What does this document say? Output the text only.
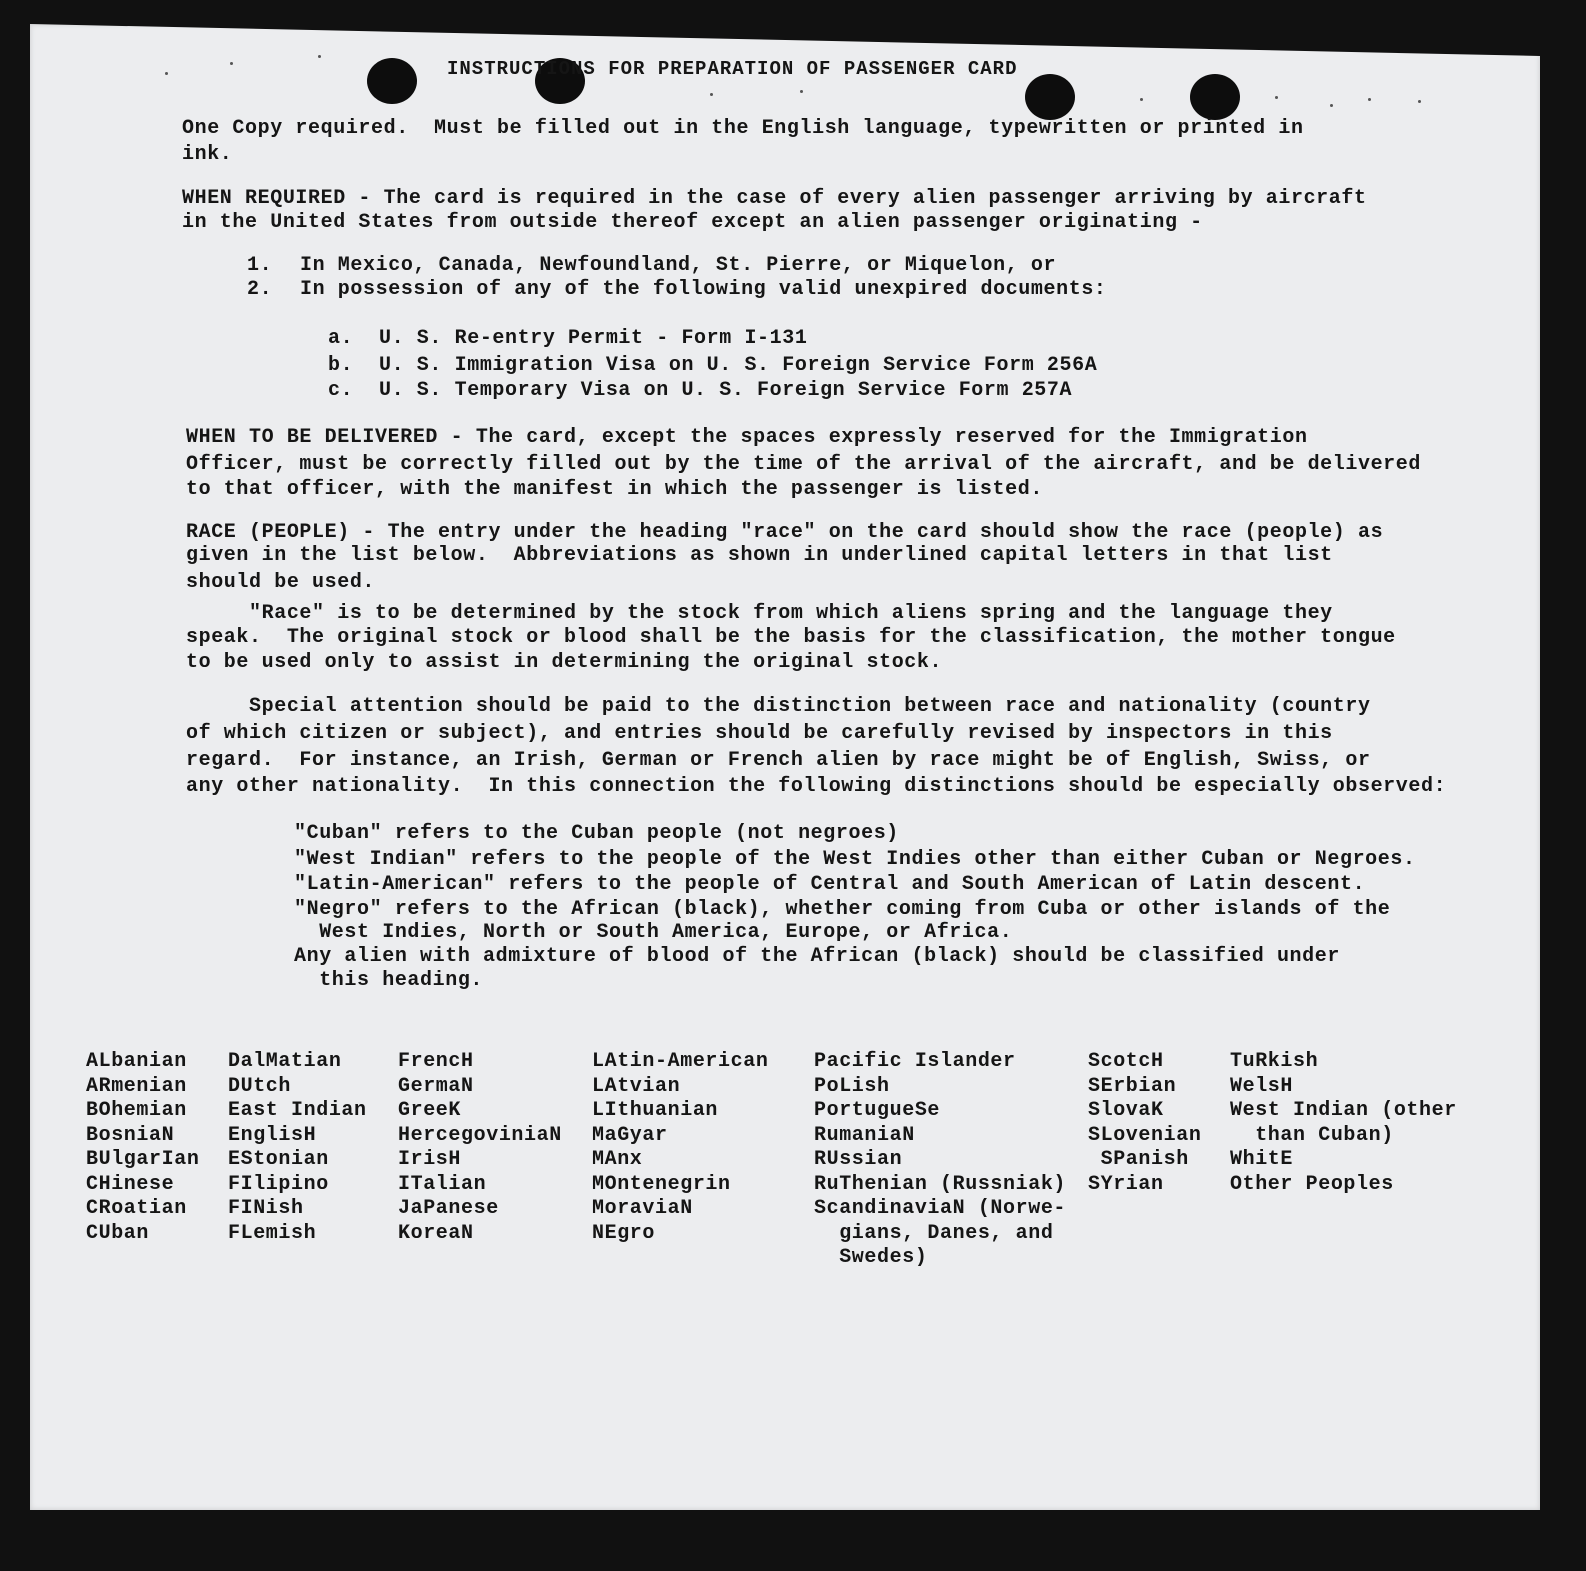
INSTRUCTIONS FOR PREPARATION OF PASSENGER CARD
One Copy required.  Must be filled out in the English language, typewritten or printed in
ink.
WHEN REQUIRED - The card is required in the case of every alien passenger arriving by aircraft
in the United States from outside thereof except an alien passenger originating -
1. In Mexico, Canada, Newfoundland, St. Pierre, or Miquelon, or
2. In possession of any of the following valid unexpired documents:
a. U. S. Re-entry Permit - Form I-131
b. U. S. Immigration Visa on U. S. Foreign Service Form 256A
c. U. S. Temporary Visa on U. S. Foreign Service Form 257A
WHEN TO BE DELIVERED - The card, except the spaces expressly reserved for the Immigration
Officer, must be correctly filled out by the time of the arrival of the aircraft, and be delivered
to that officer, with the manifest in which the passenger is listed.
RACE (PEOPLE) - The entry under the heading "race" on the card should show the race (people) as
given in the list below.  Abbreviations as shown in underlined capital letters in that list
should be used.
"Race" is to be determined by the stock from which aliens spring and the language they
speak.  The original stock or blood shall be the basis for the classification, the mother tongue
to be used only to assist in determining the original stock.
Special attention should be paid to the distinction between race and nationality (country
of which citizen or subject), and entries should be carefully revised by inspectors in this
regard.  For instance, an Irish, German or French alien by race might be of English, Swiss, or
any other nationality.  In this connection the following distinctions should be especially observed:
"Cuban" refers to the Cuban people (not negroes)
"West Indian" refers to the people of the West Indies other than either Cuban or Negroes.
"Latin-American" refers to the people of Central and South American of Latin descent.
"Negro" refers to the African (black), whether coming from Cuba or other islands of the
West Indies, North or South America, Europe, or Africa.
Any alien with admixture of blood of the African (black) should be classified under
this heading.
ALbanian
ARmenian
BOhemian
BosniaN
BUlgarIan
CHinese
CRoatian
CUban
DalMatian
DUtch
East Indian
EnglisH
EStonian
FIlipino
FINish
FLemish
FrencH
GermaN
GreeK
HercegoviniaN
IrisH
ITalian
JaPanese
KoreaN
LAtin-American
LAtvian
LIthuanian
MaGyar
MAnx
MOntenegrin
MoraviaN
NEgro
Pacific Islander
PoLish
PortugueSe
RumaniaN
RUssian
RuThenian (Russniak)
ScandinaviaN (Norwe-
gians, Danes, and
Swedes)
ScotcH
SErbian
SlovaK
SLovenian
SPanish
SYrian
TuRkish
WelsH
West Indian (other
than Cuban)
WhitE
Other Peoples
